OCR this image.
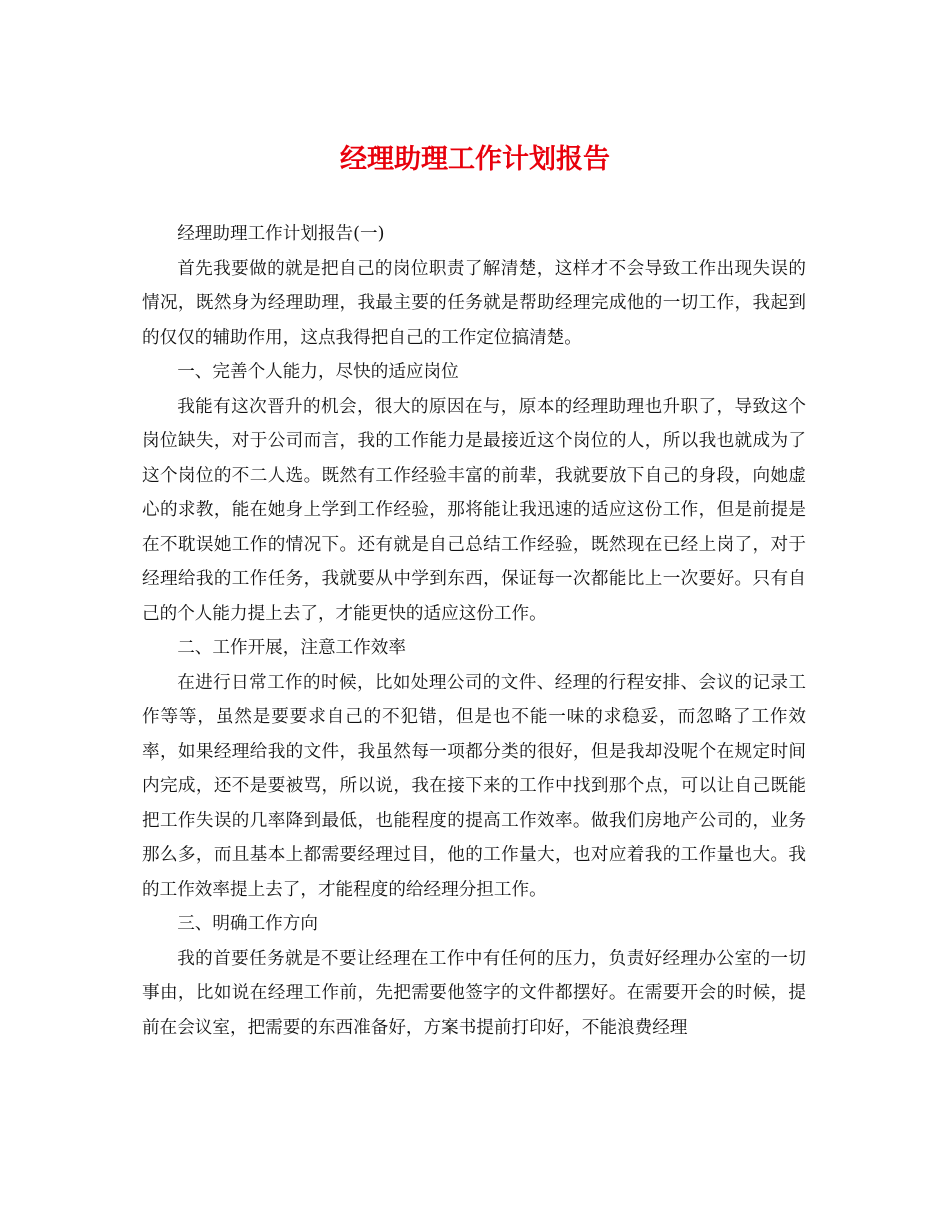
经理助理工作计划报告

经理助理工作计划报告(一)

首先我要做的就是把自己的岗位职责了解清楚，这样才不会导致工作出现失误的情况，既然身为经理助理，我最主要的任务就是帮助经理完成他的一切工作，我起到的仅仅的辅助作用，这点我得把自己的工作定位搞清楚。

一、完善个人能力，尽快的适应岗位

我能有这次晋升的机会，很大的原因在与，原本的经理助理也升职了，导致这个岗位缺失，对于公司而言，我的工作能力是最接近这个岗位的人，所以我也就成为了这个岗位的不二人选。既然有工作经验丰富的前辈，我就要放下自己的身段，向她虚心的求教，能在她身上学到工作经验，那将能让我迅速的适应这份工作，但是前提是在不耽误她工作的情况下。还有就是自己总结工作经验，既然现在已经上岗了，对于经理给我的工作任务，我就要从中学到东西，保证每一次都能比上一次要好。只有自己的个人能力提上去了，才能更快的适应这份工作。

二、工作开展，注意工作效率

在进行日常工作的时候，比如处理公司的文件、经理的行程安排、会议的记录工作等等，虽然是要要求自己的不犯错，但是也不能一味的求稳妥，而忽略了工作效率，如果经理给我的文件，我虽然每一项都分类的很好，但是我却没呢个在规定时间内完成，还不是要被骂，所以说，我在接下来的工作中找到那个点，可以让自己既能把工作失误的几率降到最低，也能程度的提高工作效率。做我们房地产公司的，业务那么多，而且基本上都需要经理过目，他的工作量大，也对应着我的工作量也大。我的工作效率提上去了，才能程度的给经理分担工作。

三、明确工作方向

我的首要任务就是不要让经理在工作中有任何的压力，负责好经理办公室的一切事由，比如说在经理工作前，先把需要他签字的文件都摆好。在需要开会的时候，提前在会议室，把需要的东西准备好，方案书提前打印好，不能浪费经理
